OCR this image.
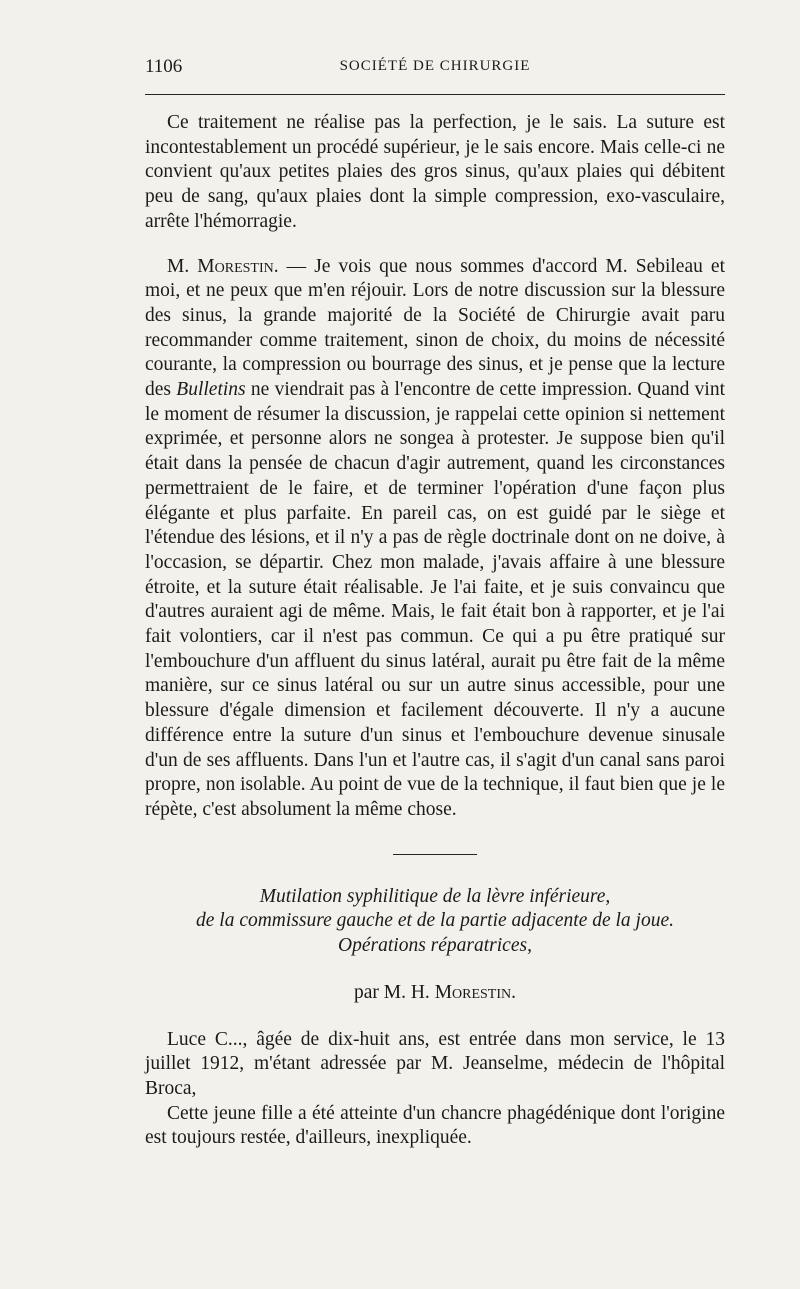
1106	SOCIÉTÉ DE CHIRURGIE

Ce traitement ne réalise pas la perfection, je le sais. La suture est incontestablement un procédé supérieur, je le sais encore. Mais celle-ci ne convient qu'aux petites plaies des gros sinus, qu'aux plaies qui débitent peu de sang, qu'aux plaies dont la simple compression, exo-vasculaire, arrête l'hémorragie.

M. Morestin. — Je vois que nous sommes d'accord M. Sebileau et moi, et ne peux que m'en réjouir. Lors de notre discussion sur la blessure des sinus, la grande majorité de la Société de Chirurgie avait paru recommander comme traitement, sinon de choix, du moins de nécessité courante, la compression ou bourrage des sinus, et je pense que la lecture des Bulletins ne viendrait pas à l'encontre de cette impression. Quand vint le moment de résumer la discussion, je rappelai cette opinion si nettement exprimée, et personne alors ne songea à protester. Je suppose bien qu'il était dans la pensée de chacun d'agir autrement, quand les circonstances permettraient de le faire, et de terminer l'opération d'une façon plus élégante et plus parfaite. En pareil cas, on est guidé par le siège et l'étendue des lésions, et il n'y a pas de règle doctrinale dont on ne doive, à l'occasion, se départir. Chez mon malade, j'avais affaire à une blessure étroite, et la suture était réalisable. Je l'ai faite, et je suis convaincu que d'autres auraient agi de même. Mais, le fait était bon à rapporter, et je l'ai fait volontiers, car il n'est pas commun. Ce qui a pu être pratiqué sur l'embouchure d'un affluent du sinus latéral, aurait pu être fait de la même manière, sur ce sinus latéral ou sur un autre sinus accessible, pour une blessure d'égale dimension et facilement découverte. Il n'y a aucune différence entre la suture d'un sinus et l'embouchure devenue sinusale d'un de ses affluents. Dans l'un et l'autre cas, il s'agit d'un canal sans paroi propre, non isolable. Au point de vue de la technique, il faut bien que je le répète, c'est absolument la même chose.

Mutilation syphilitique de la lèvre inférieure,
de la commissure gauche et de la partie adjacente de la joue.
Opérations réparatrices,
par M. H. Morestin.

Luce C..., âgée de dix-huit ans, est entrée dans mon service, le 13 juillet 1912, m'étant adressée par M. Jeanselme, médecin de l'hôpital Broca,

Cette jeune fille a été atteinte d'un chancre phagédénique dont l'origine est toujours restée, d'ailleurs, inexpliquée.
